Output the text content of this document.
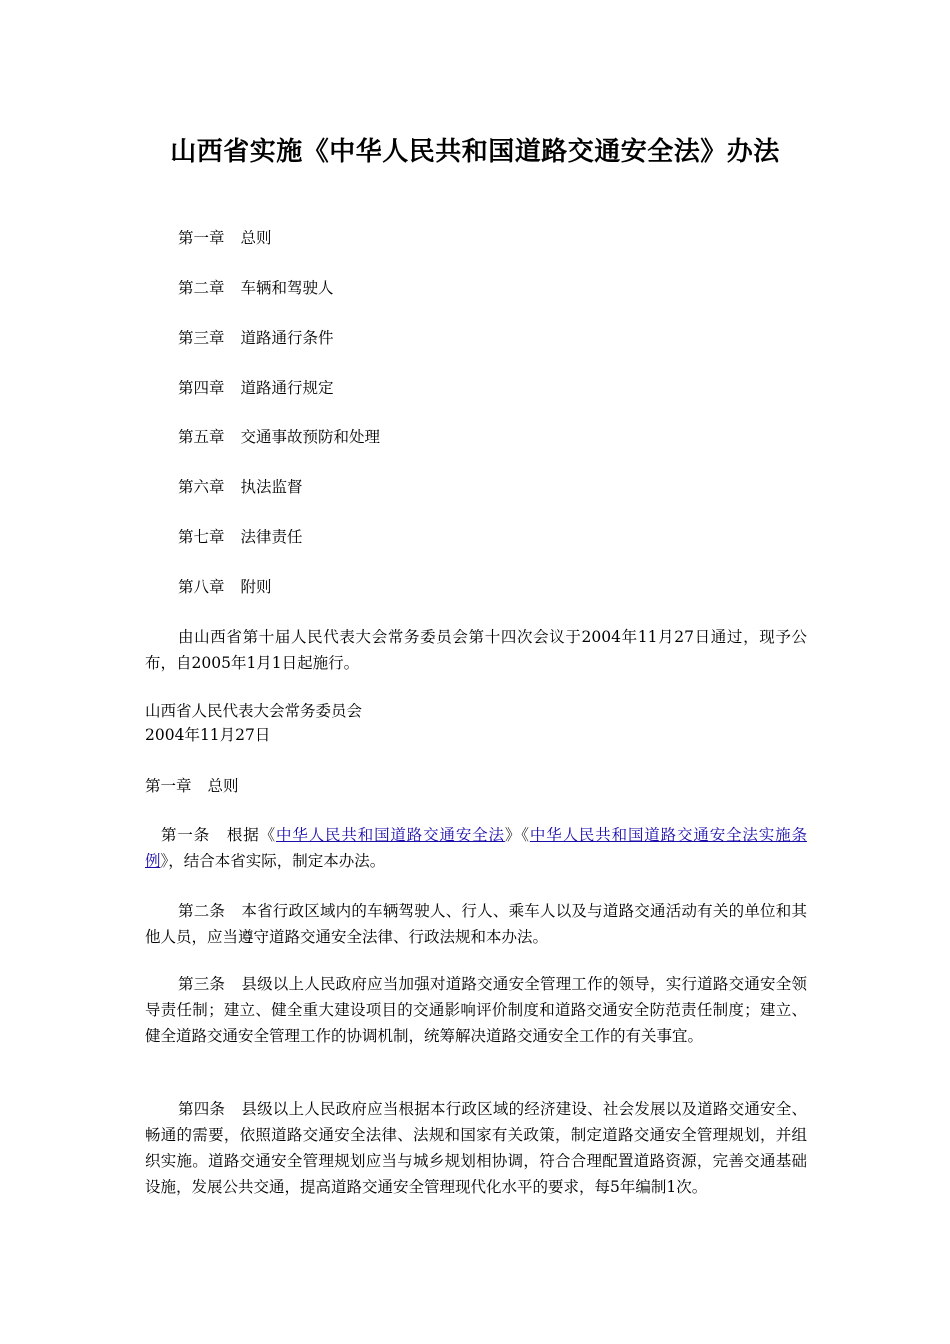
山西省实施《中华人民共和国道路交通安全法》办法
第一章 总则
第二章 车辆和驾驶人
第三章 道路通行条件
第四章 道路通行规定
第五章 交通事故预防和处理
第六章 执法监督
第七章 法律责任
第八章 附则

由山西省第十届人民代表大会常务委员会第十四次会议于2004年11月27日通过，现予公布，自2005年1月1日起施行。

山西省人民代表大会常务委员会
2004年11月27日
第一章 总则

第一条 根据《中华人民共和国道路交通安全法》《中华人民共和国道路交通安全法实施条例》，结合本省实际，制定本办法。

第二条 本省行政区域内的车辆驾驶人、行人、乘车人以及与道路交通活动有关的单位和其他人员，应当遵守道路交通安全法律、行政法规和本办法。

第三条 县级以上人民政府应当加强对道路交通安全管理工作的领导，实行道路交通安全领导责任制；建立、健全重大建设项目的交通影响评价制度和道路交通安全防范责任制度；建立、健全道路交通安全管理工作的协调机制，统筹解决道路交通安全工作的有关事宜。

第四条 县级以上人民政府应当根据本行政区域的经济建设、社会发展以及道路交通安全、畅通的需要，依照道路交通安全法律、法规和国家有关政策，制定道路交通安全管理规划，并组织实施。道路交通安全管理规划应当与城乡规划相协调，符合合理配置道路资源，完善交通基础设施，发展公共交通，提高道路交通安全管理现代化水平的要求，每5年编制1次。
